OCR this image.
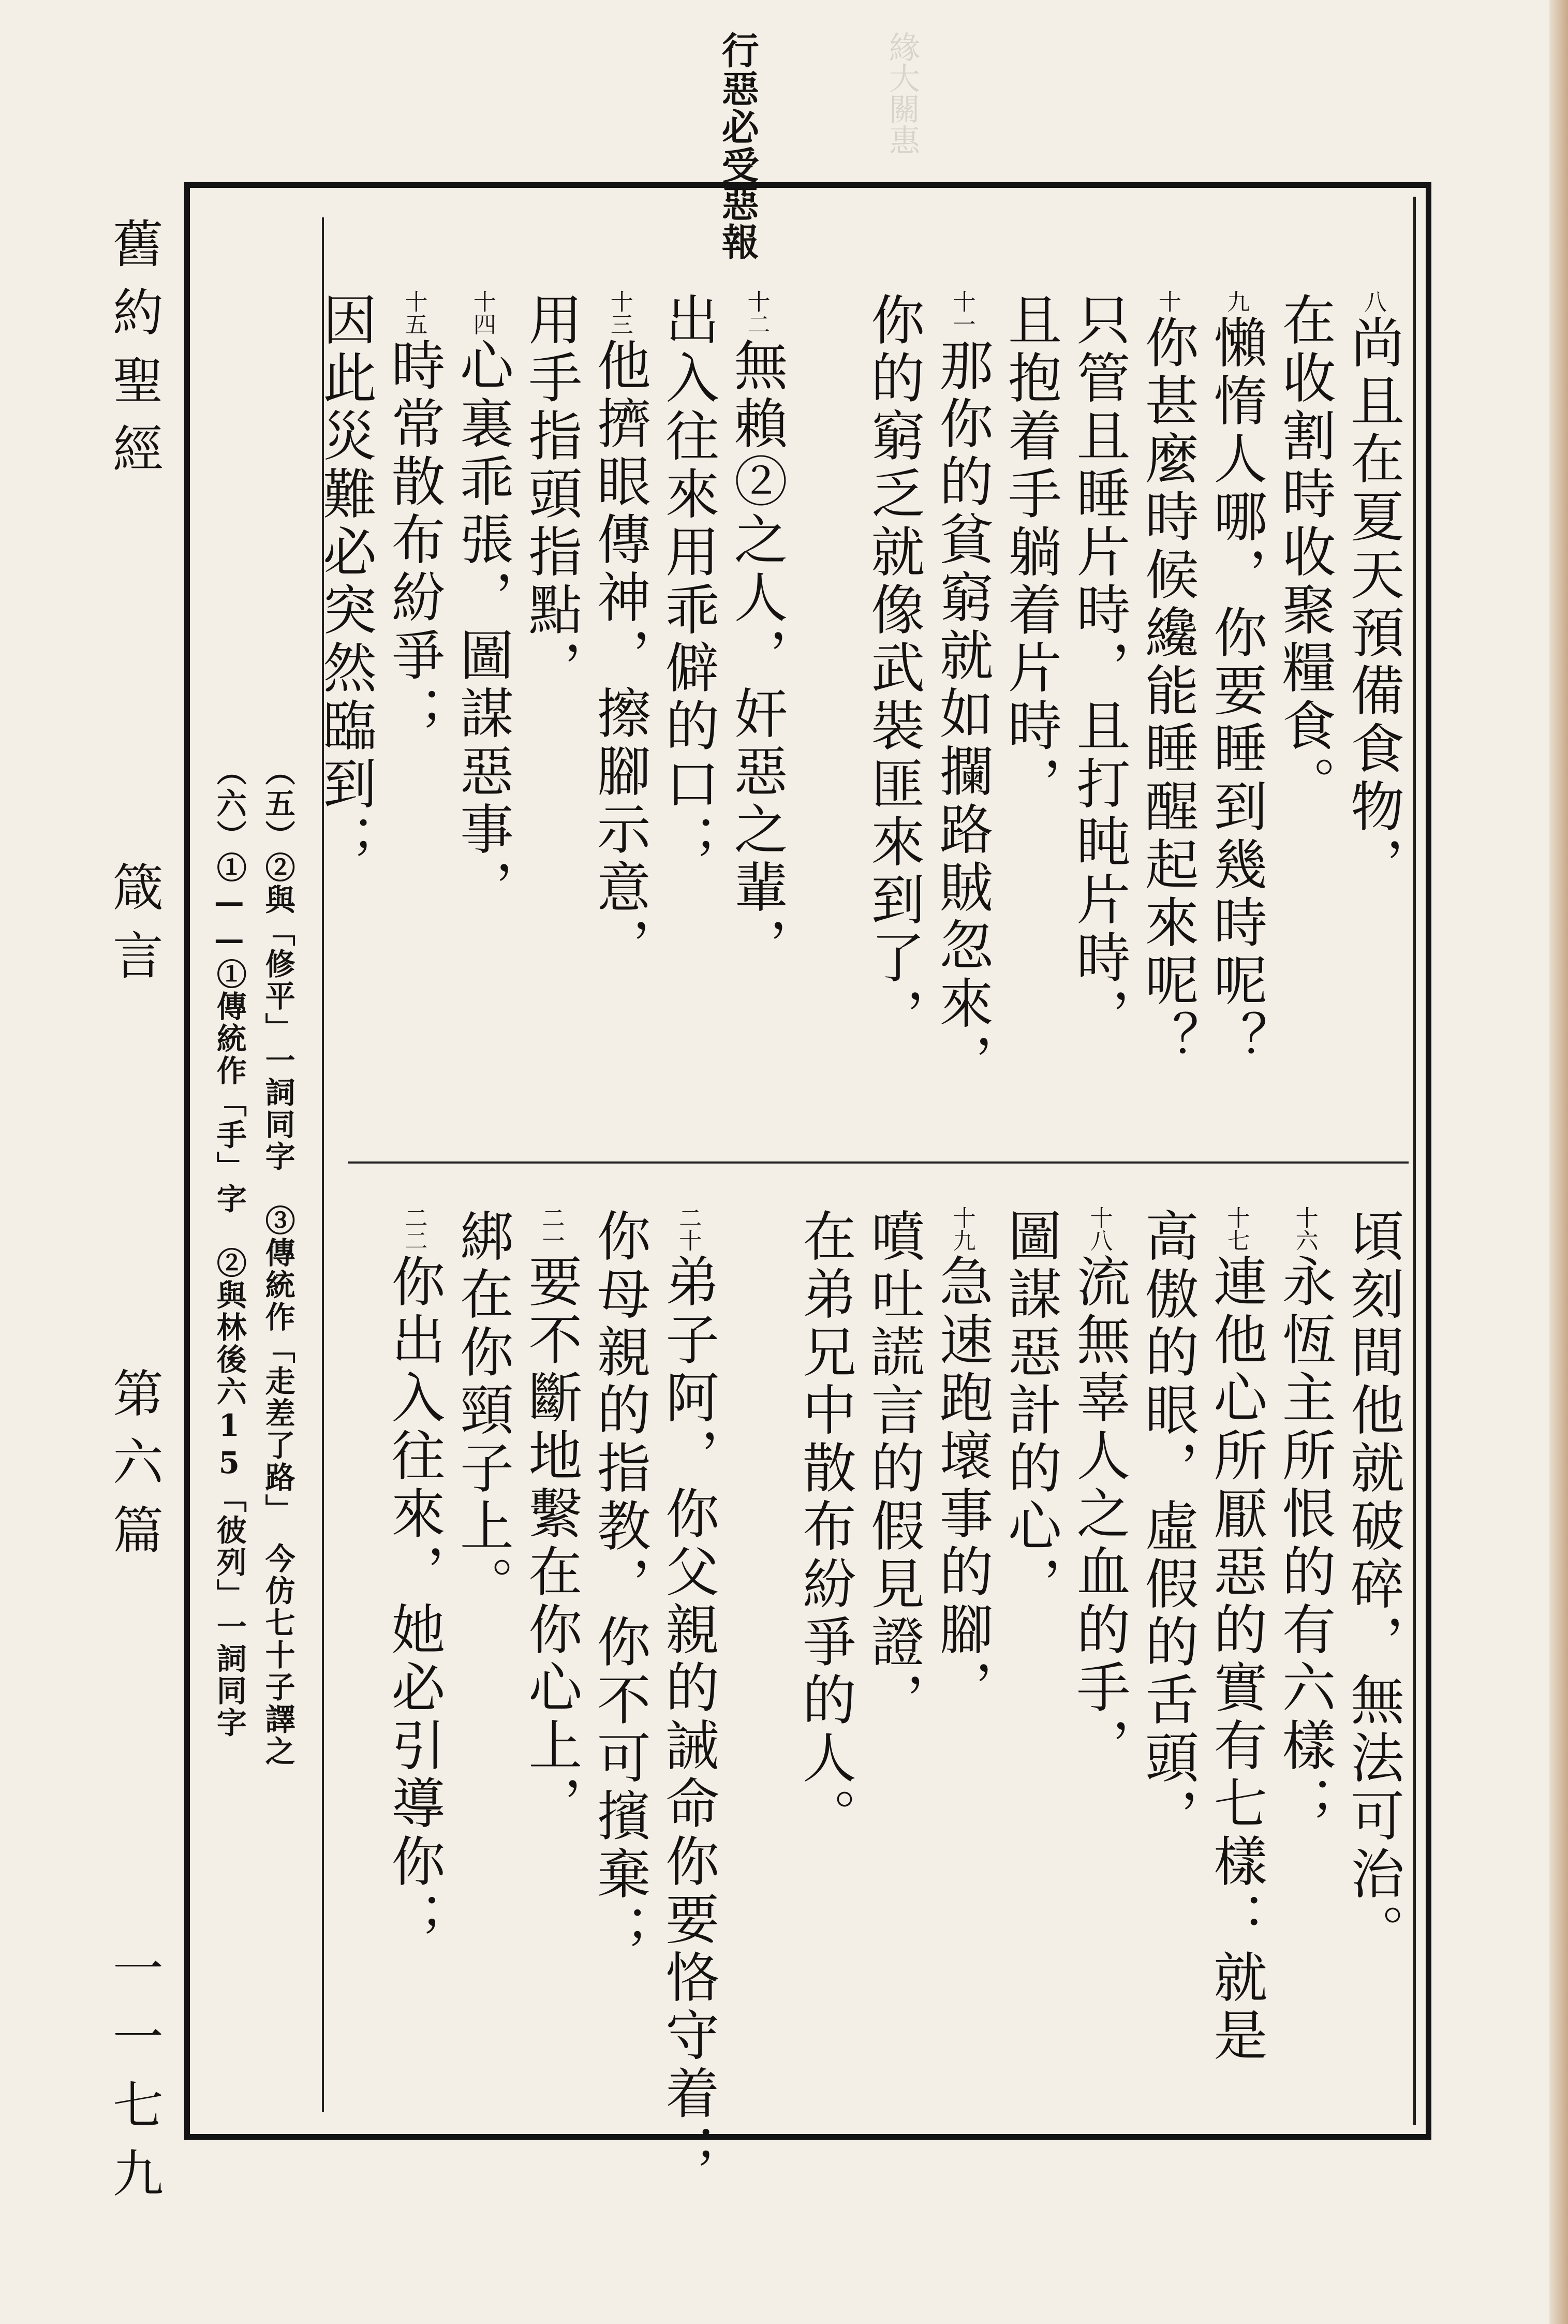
緣大關惠
行惡必受惡報
舊約聖經
箴言
第六篇
一一七九
八尚且在夏天預備食物，
在收割時收聚糧食。
九懶惰人哪，你要睡到幾時呢？
十你甚麼時候纔能睡醒起來呢？
只管且睡片時，且打盹片時，
且抱着手躺着片時，
十一那你的貧窮就如攔路賊忽來，
你的窮乏就像武裝匪來到了，
十二無賴②之人，奸惡之輩，
出入往來用乖僻的口；
十三他擠眼傳神，擦腳示意，
用手指頭指點，
十四心裏乖張，圖謀惡事，
十五時常散布紛爭；
因此災難必突然臨到；
頃刻間他就破碎，無法可治。
十六永恆主所恨的有六樣；
十七連他心所厭惡的實有七樣：就是
高傲的眼，虛假的舌頭，
十八流無辜人之血的手，
圖謀惡計的心，
十九急速跑壞事的腳，
噴吐謊言的假見證，
在弟兄中散布紛爭的人。
二十弟子阿，你父親的誡命你要恪守着；
你母親的指教，你不可擯棄；
二一要不斷地繫在你心上，
綁在你頸子上。
二二你出入往來，她必引導你；
（五）②與「修平」一詞同字　③傳統作「走差了路」　今仿七十子譯之
（六）①——①傳統作「手」字　②與林後六15「彼列」一詞同字
